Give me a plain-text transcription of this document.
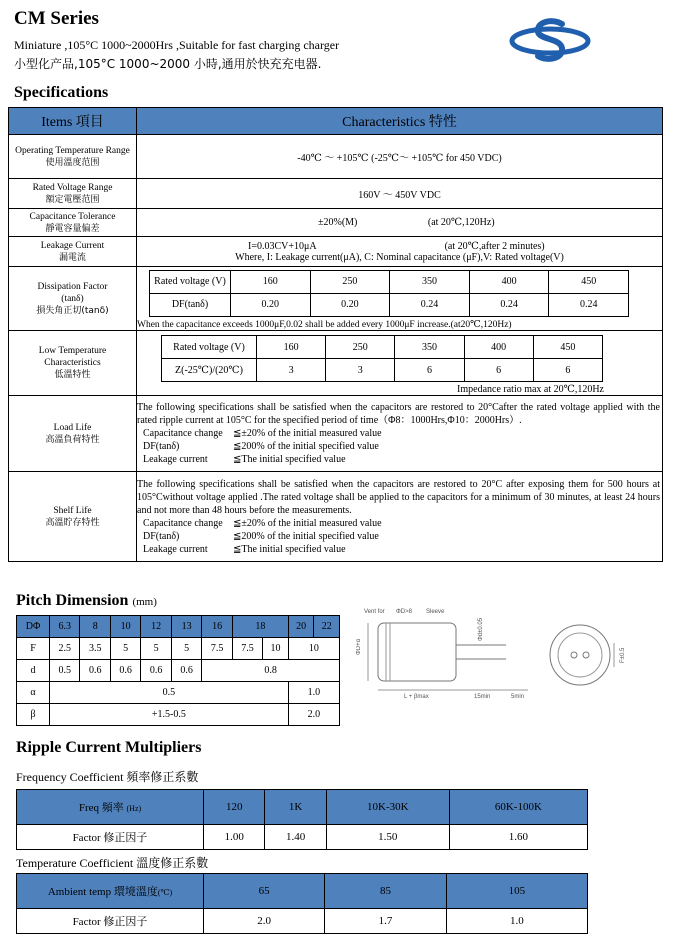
CM Series
Miniature ,105°C 1000~2000Hrs ,Suitable for fast charging charger
小型化产品,105°C 1000~2000 小時,通用於快充充电器.
Specifications
Items 項目	Characteristics 特性

Operating Temperature Range
使用溫度范围	-40℃ ～ +105℃ (-25℃～ +105℃ for 450 VDC)

Rated Voltage Range
額定電壓范围	160V ～ 450V VDC

Capacitance Tolerance
靜電容量偏差
	±20%(M)	(at 20℃,120Hz)

Leakage Current
漏電流

I=0.03CV+10μA	(at 20℃,after 2 minutes)
Where, I: Leakage current(μA), C: Nominal capacitance (μF),V: Rated voltage(V)

Dissipation Factor
(tanδ)
損失角正切(tanδ)

Rated voltage (V)	160	250	350	400	450
DF(tanδ)	0.20	0.20	0.24	0.24	0.24
When the capacitance exceeds 1000μF,0.02 shall be added every 1000μF increase.(at20℃,120Hz)

Low Temperature Characteristics
低溫特性

Rated voltage (V)	160	250	350	400	450
Z(-25℃)/(20℃)	3	3	6	6	6
Impedance ratio max at 20℃,120Hz

Load Life
高溫負荷特性

The following specifications shall be satisfied when the capacitors are restored to 20°Cafter the rated voltage applied with the rated ripple current at 105°C for the specified period of time（Φ8：1000Hrs,Φ10：2000Hrs）.
Capacitance change ≦±20% of the initial measured value
DF(tanδ)	≦200% of the initial specified value
Leakage current	≦The initial specified value

Shelf Life
高溫貯存特性

The following specifications shall be satisfied when the capacitors are restored to 20°C after exposing them for 500 hours at 105°Cwithout voltage applied .The rated voltage shall be applied to the capacitors for a minimum of 30 minutes, at least 24 hours and not more than 48 hours before the measurements.
Capacitance change ≦±20% of the initial measured value
DF(tanδ)	≦200% of the initial specified value
Leakage current	≦The initial specified value
Pitch Dimension (mm)
DΦ	6.3	8	10	12	13	16	18		20	22
F	2.5	3.5	5	5	5	7.5	7.5	10	10	
d	0.5	0.6	0.6	0.6	0.6	0.8				
α	0.5								1.0	
β	+1.5-0.5								2.0	
Vent for ΦD>8 Sleeve
ΦD+α
Φd±0.05
L + βmax	15min	5min
F±0.5
Ripple Current Multipliers
Frequency Coefficient 頻率修正系數
Freq 頻率 (Hz)	120	1K	10K-30K	60K-100K
Factor 修正因子	1.00	1.40	1.50	1.60
Temperature Coefficient 溫度修正系數
Ambient temp 環境溫度(℃)	65	85	105
Factor 修正因子	2.0	1.7	1.0
